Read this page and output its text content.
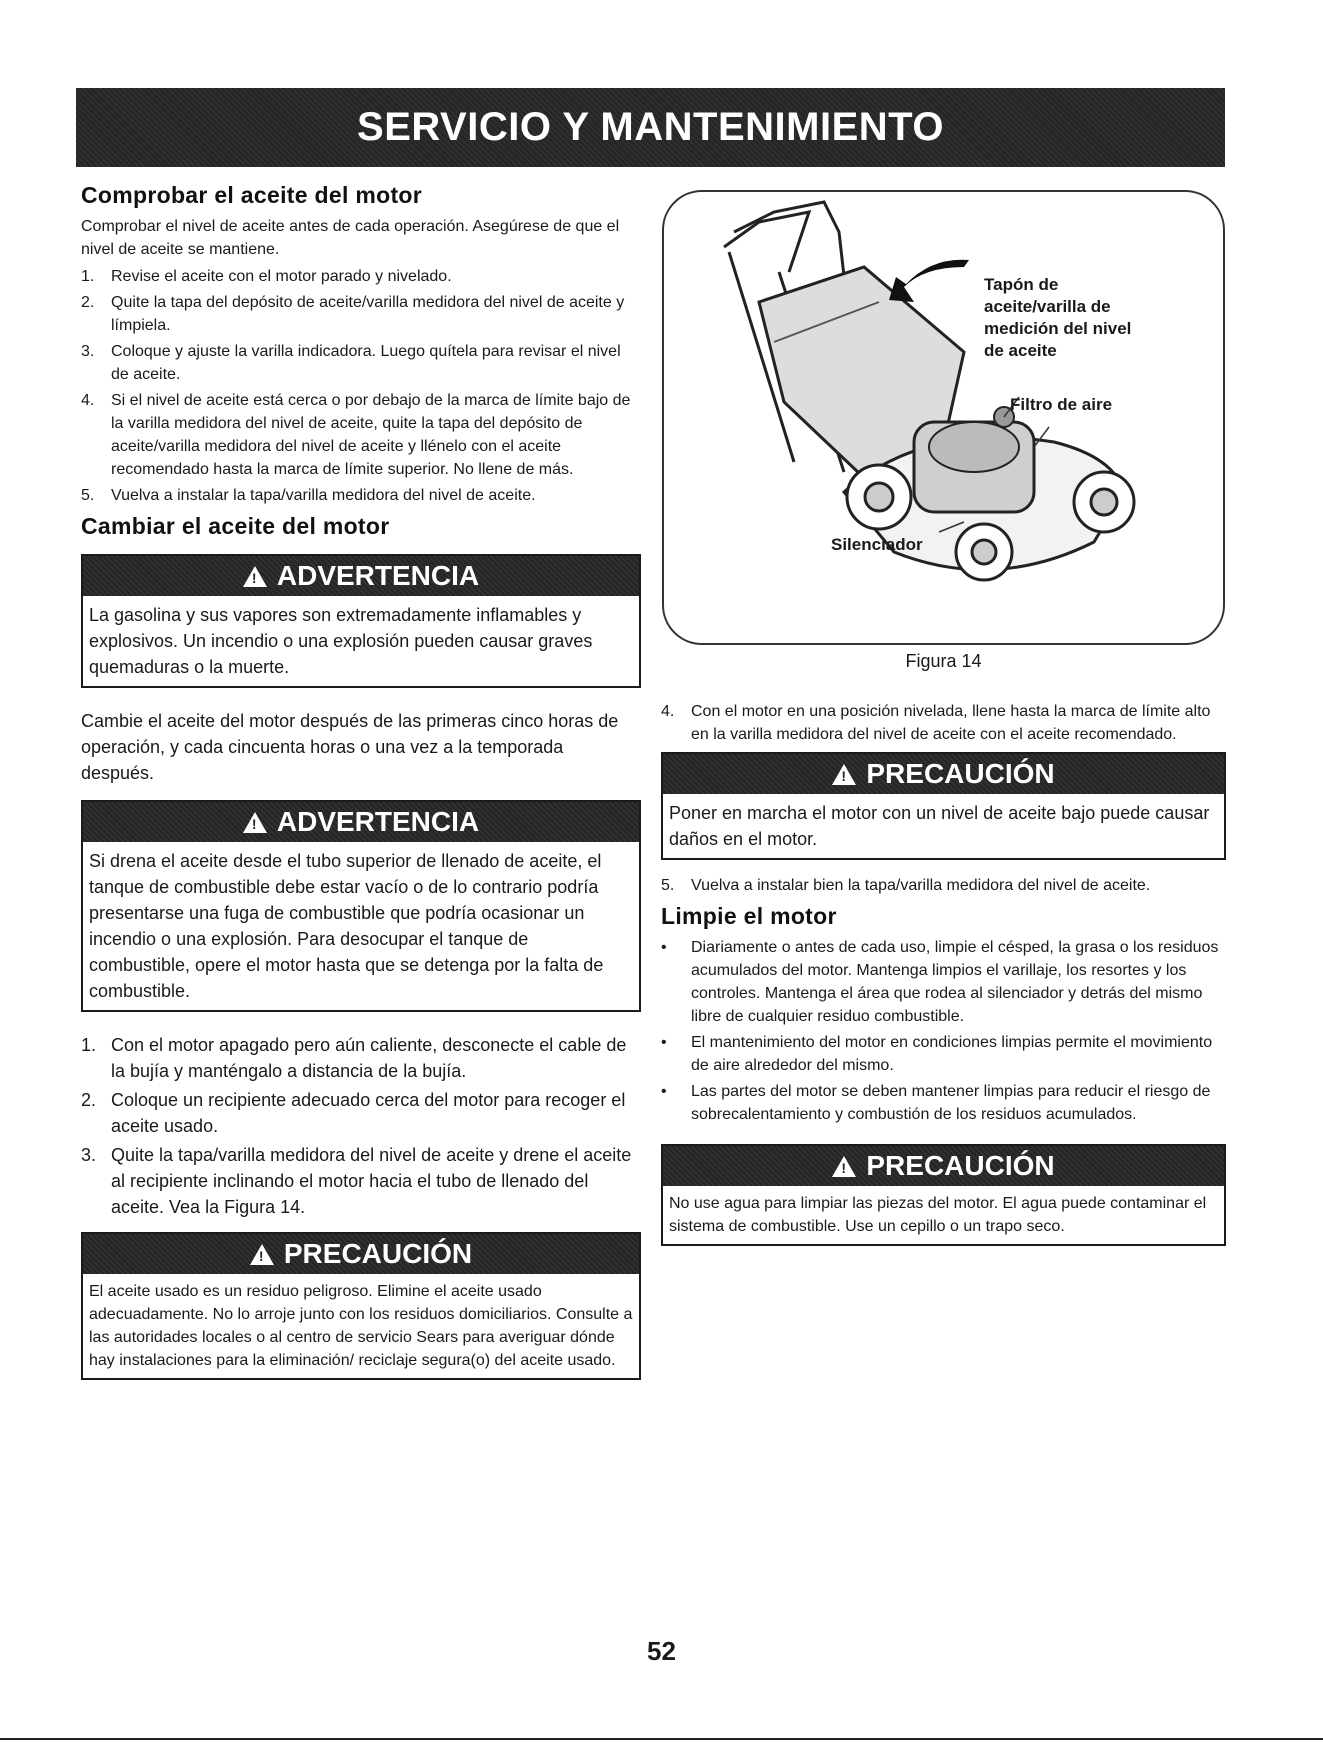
SERVICIO Y MANTENIMIENTO
Comprobar el aceite del motor

Comprobar el nivel de aceite antes de cada operación. Asegúrese de que el nivel de aceite se mantiene.

1.	Revise el aceite con el motor parado y nivelado.
2.	Quite la tapa del depósito de aceite/varilla medidora del nivel de aceite y límpiela.
3.	Coloque y ajuste la varilla indicadora. Luego quítela para revisar el nivel de aceite.
4.	Si el nivel de aceite está cerca o por debajo de la marca de límite bajo de la varilla medidora del nivel de aceite, quite la tapa del depósito de aceite/varilla medidora del nivel de aceite y llénelo con el aceite recomendado hasta la marca de límite superior. No llene de más.
5.	Vuelva a instalar la tapa/varilla medidora del nivel de aceite.
Cambiar el aceite del motor
!
ADVERTENCIA
La gasolina y sus vapores son extremadamente inflamables y explosivos. Un incendio o una explosión pueden causar graves quemaduras o la muerte.

Cambie el aceite del motor después de las primeras cinco horas de operación, y cada cincuenta horas o una vez a la temporada después.

!
ADVERTENCIA
Si drena el aceite desde el tubo superior de llenado de aceite, el tanque de combustible debe estar vacío o de lo contrario podría presentarse una fuga de combustible que podría ocasionar un incendio o una explosión. Para desocupar el tanque de combustible, opere el motor hasta que se detenga por la falta de combustible.
1. Con el motor apagado pero aún caliente, desconecte el cable de la bujía y manténgalo a distancia de la bujía.
2. Coloque un recipiente adecuado cerca del motor para recoger el aceite usado.
3. Quite la tapa/varilla medidora del nivel de aceite y drene el aceite al recipiente inclinando el motor hacia el tubo de llenado del aceite. Vea la Figura 14.
!
PRECAUCIÓN
El aceite usado es un residuo peligroso. Elimine el aceite usado adecuadamente. No lo arroje junto con los residuos domiciliarios. Consulte a las autoridades locales o al centro de servicio Sears para averiguar dónde hay instalaciones para la eliminación/ reciclaje segura(o) del aceite usado.
Tapón de
aceite/varilla de
medición del nivel
de aceite
Filtro de aire
Silenciador
Figura 14
4.	Con el motor en una posición nivelada, llene hasta la marca de límite alto en la varilla medidora del nivel de aceite con el aceite recomendado.
!
PRECAUCIÓN
Poner en marcha el motor con un nivel de aceite bajo puede causar daños en el motor.
5.	Vuelva a instalar bien la tapa/varilla medidora del nivel de aceite.
Limpie el motor
•	Diariamente o antes de cada uso, limpie el césped, la grasa o los residuos acumulados del motor. Mantenga limpios el varillaje, los resortes y los controles. Mantenga el área que rodea al silenciador y detrás del mismo libre de cualquier residuo combustible.
•	El mantenimiento del motor en condiciones limpias permite el movimiento de aire alrededor del mismo.
•	Las partes del motor se deben mantener limpias para reducir el riesgo de sobrecalentamiento y combustión de los residuos acumulados.
!
PRECAUCIÓN
No use agua para limpiar las piezas del motor. El agua puede contaminar el sistema de combustible. Use un cepillo o un trapo seco.
52
